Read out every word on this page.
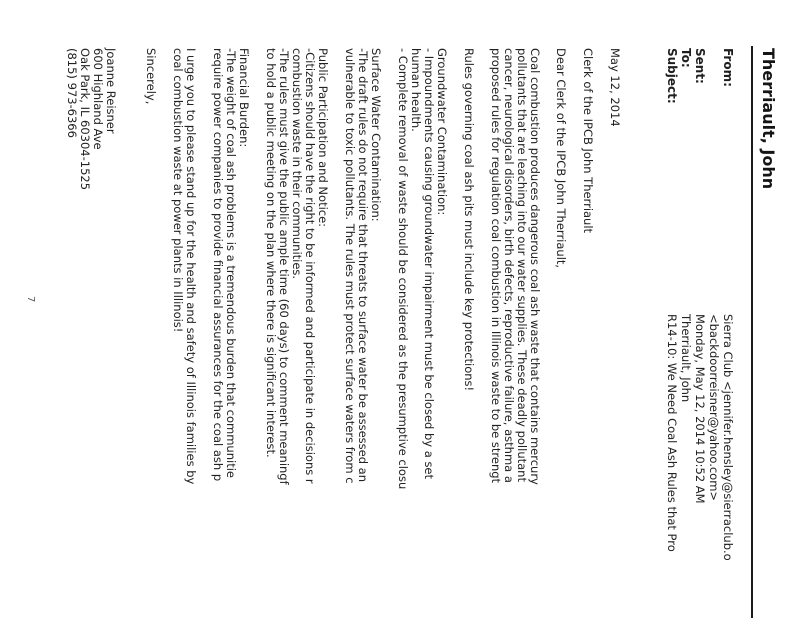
Therriault, John
From:
Sierra Club <jennifer.hensley@sierraclub.o
<backdoorreisner@yahoo.com>
Sent:
Monday, May 12, 2014 10:52 AM
To:
Therriault, John
Subject:
R14-10: We Need Coal Ash Rules that Pro
May 12, 2014
Clerk of the IPCB John Therriault
Dear Clerk of the IPCB John Therriault,
Coal combustion produces dangerous coal ash waste that contains mercury
pollutants that are leaching into our water supplies. These deadly pollutant
cancer, neurological disorders, birth defects, reproductive failure, asthma a
proposed rules for regulation coal combustion in Illinois waste to be strengt
Rules governing coal ash pits must include key protections!
Groundwater Contamination:
- Impoundments causing groundwater impairment must be closed by a set
human health.
- Complete removal of waste should be considered as the presumptive closu
Surface Water Contamination:
-The draft rules do not require that threats to surface water be assessed an
vulnerable to toxic pollutants. The rules must protect surface waters from c
Public Participation and Notice:
-Citizens should have the right to be informed and participate in decisions r
combustion waste in their communities.
-The rules must give the public ample time (60 days) to comment meaningf
to hold a public meeting on the plan where there is significant interest.
Financial Burden:
-The weight of coal ash problems is a tremendous burden that communitie
require power companies to provide financial assurances for the coal ash p
I urge you to please stand up for the health and safety of Illinois families by
coal combustion waste at power plants in Illinois!
Sincerely,
Joanne Reisner
600 Highland Ave
Oak Park, IL 60304-1525
(815) 973-6366
7
